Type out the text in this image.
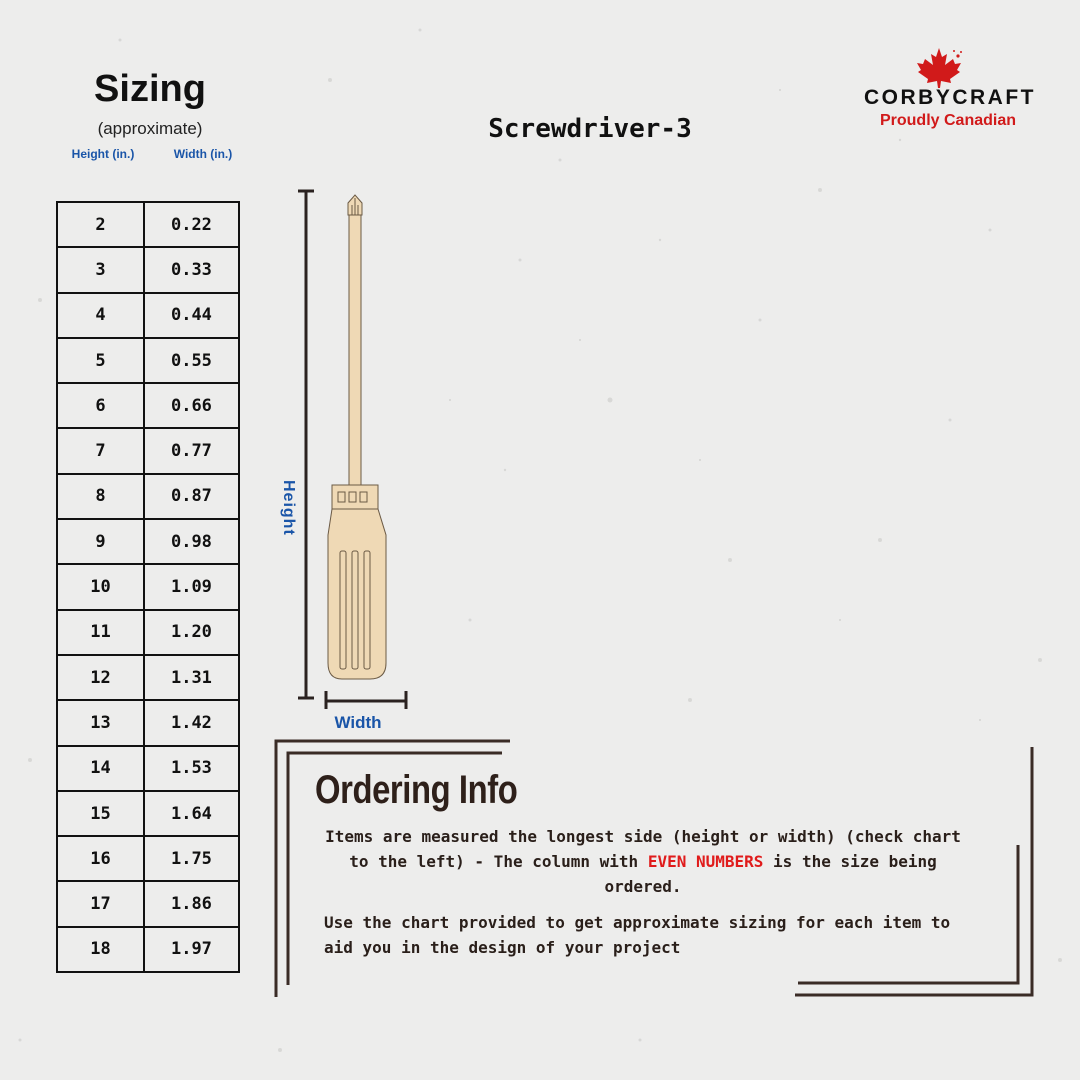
Sizing
(approximate)
Height (in.)	Width (in.)
2	0.22
3	0.33
4	0.44
5	0.55
6	0.66
7	0.77
8	0.87
9	0.98
10	1.09
11	1.20
12	1.31
13	1.42
14	1.53
15	1.64
16	1.75
17	1.86
18	1.97
Screwdriver-3
CORBYCRAFT
Proudly Canadian
Height
Width
Ordering Info
Items are measured the longest side (height or width) (check chart to the left) - The column with EVEN NUMBERS is the size being ordered.
Use the chart provided to get approximate sizing for each item to aid you in the design of your project
